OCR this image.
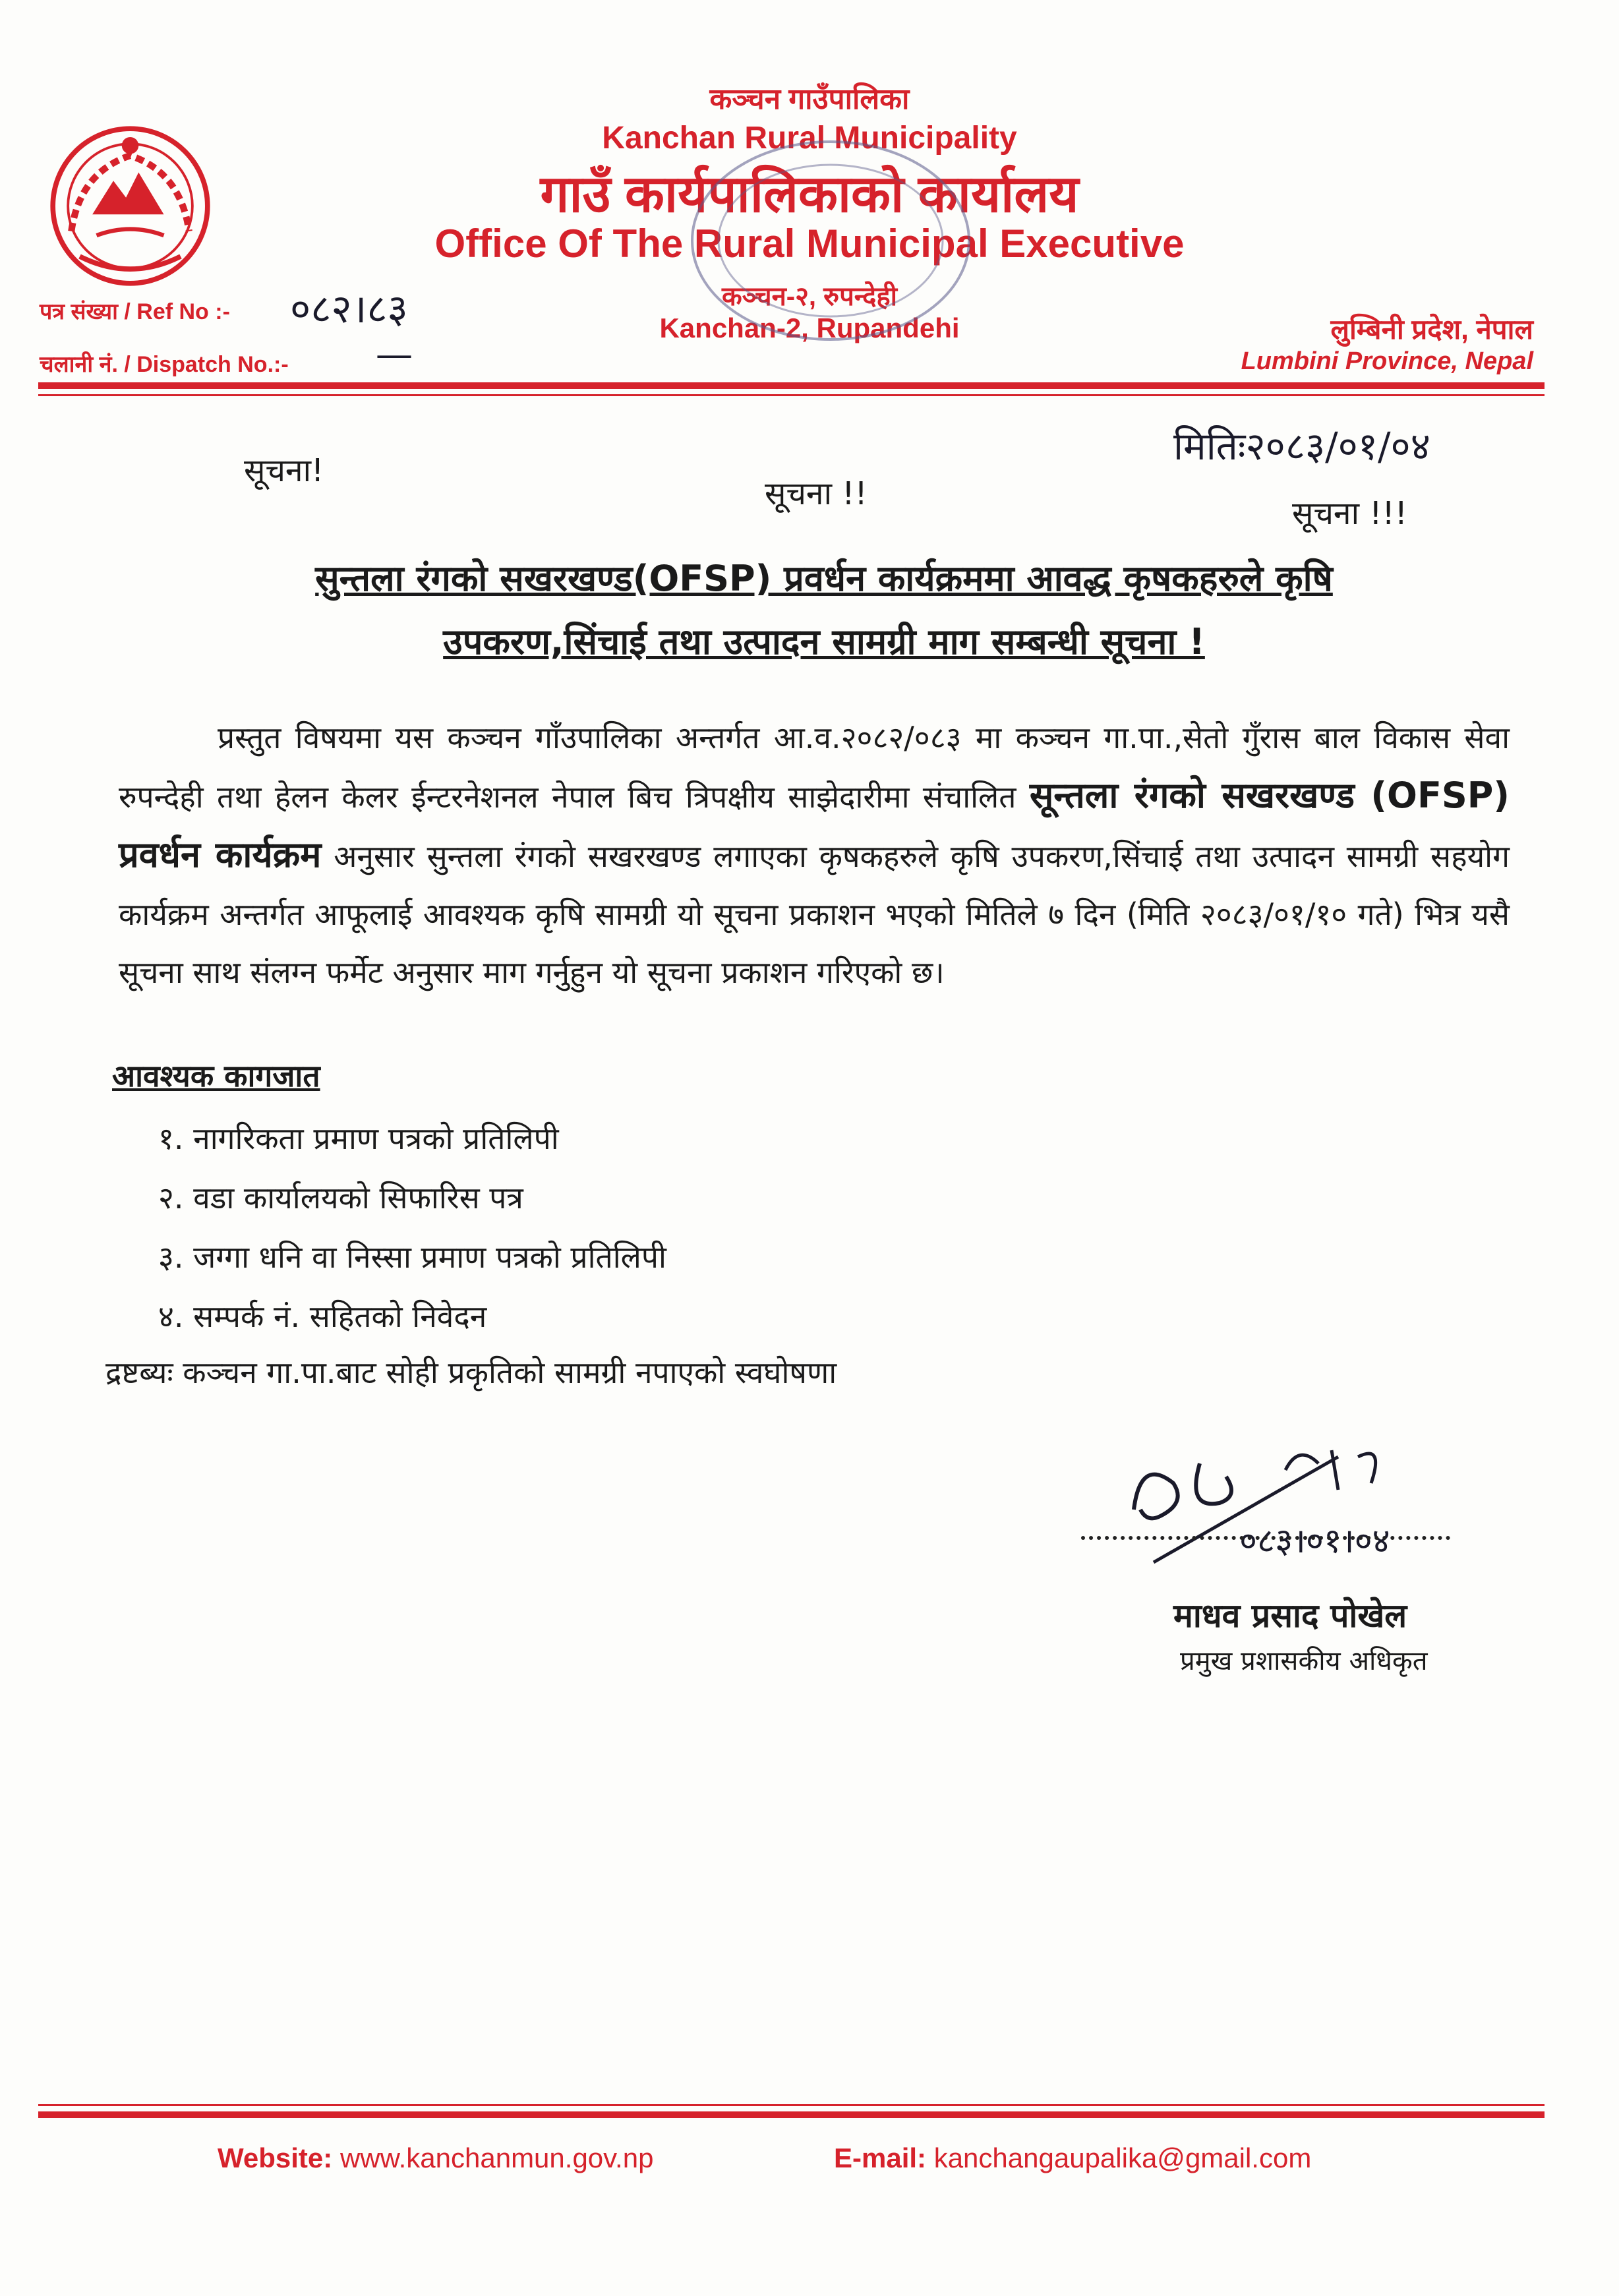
कञ्चन गाउँपालिका
Kanchan Rural Municipality
गाउँ कार्यपालिकाको कार्यालय
Office Of The Rural Municipal Executive
कञ्चन-२, रुपन्देही
Kanchan-2, Rupandehi
पत्र संख्या / Ref No :- ०८२।८३
चलानी नं. / Dispatch No.:- —
लुम्बिनी प्रदेश, नेपाल
Lumbini Province, Nepal
मितिः२०८३/०१/०४
सूचना!
सूचना !!
सूचना !!!
सुन्तला रंगको सखरखण्ड(OFSP) प्रवर्धन कार्यक्रममा आवद्ध कृषकहरुले कृषि
उपकरण,सिंचाई तथा उत्पादन सामग्री माग सम्बन्धी सूचना !
प्रस्तुत विषयमा यस कञ्चन गाँउपालिका अन्तर्गत आ.व.२०८२/०८३ मा कञ्चन गा.पा.,सेतो गुँरास बाल विकास सेवा रुपन्देही तथा हेलन केलर ईन्टरनेशनल नेपाल बिच त्रिपक्षीय साझेदारीमा संचालित सून्तला रंगको सखरखण्ड (OFSP) प्रवर्धन कार्यक्रम अनुसार सुन्तला रंगको सखरखण्ड लगाएका कृषकहरुले कृषि उपकरण,सिंचाई तथा उत्पादन सामग्री सहयोग कार्यक्रम अन्तर्गत आफूलाई आवश्यक कृषि सामग्री यो सूचना प्रकाशन भएको मितिले ७ दिन (मिति २०८३/०१/१० गते) भित्र यसै सूचना साथ संलग्न फर्मेट अनुसार माग गर्नुहुन यो सूचना प्रकाशन गरिएको छ।
आवश्यक कागजात
१. नागरिकता प्रमाण पत्रको प्रतिलिपी
२. वडा कार्यालयको सिफारिस पत्र
३. जग्गा धनि वा निस्सा प्रमाण पत्रको प्रतिलिपी
४. सम्पर्क नं. सहितको निवेदन
द्रष्टब्यः कञ्चन गा.पा.बाट सोही प्रकृतिको सामग्री नपाएको स्वघोषणा
०८३।०१।०४
माधव प्रसाद पोखेल
प्रमुख प्रशासकीय अधिकृत
Website: www.kanchanmun.gov.np	E-mail: kanchangaupalika@gmail.com
